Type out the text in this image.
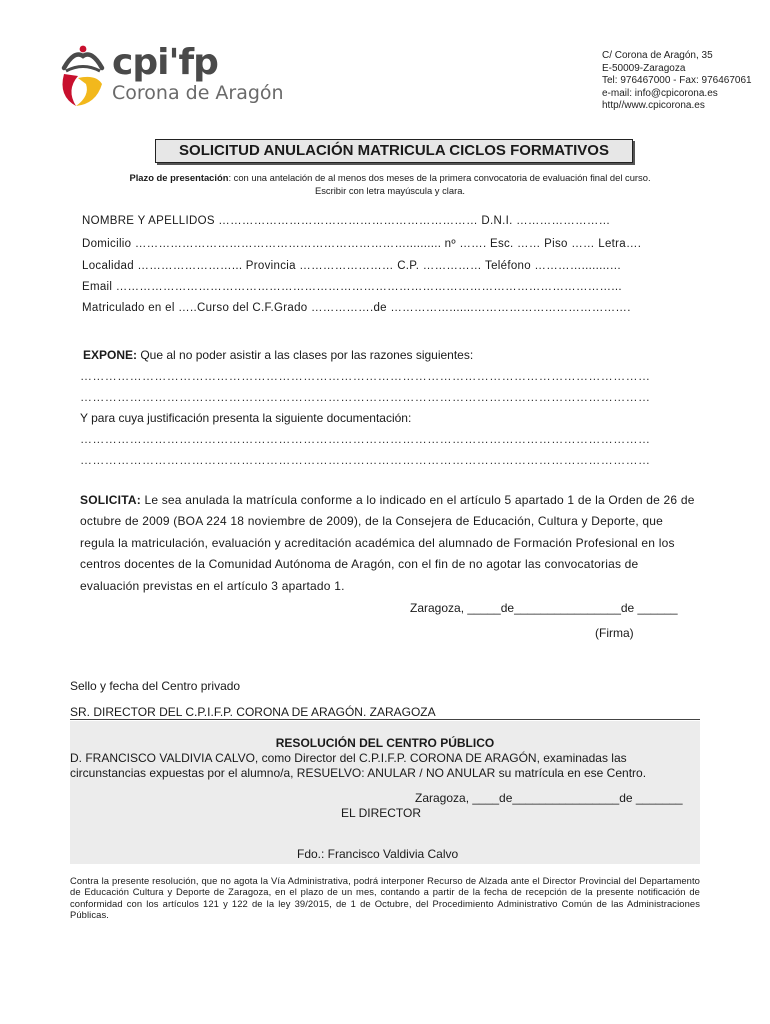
cpi'fp
Corona de Aragón
C/ Corona de Aragón, 35
E-50009-Zaragoza
Tel: 976467000 - Fax: 976467061
e-mail: info@cpicorona.es
http//www.cpicorona.es
SOLICITUD ANULACIÓN MATRICULA CICLOS FORMATIVOS
Plazo de presentación: con una antelación de al menos dos meses de la primera convocatoria de evaluación final del curso.
Escribir con letra mayúscula y clara.
NOMBRE Y APELLIDOS ………………………………………………………… D.N.I. ……………………
Domicilio …………………………………………………………….......... nº ……. Esc. …… Piso …… Letra….
Localidad ……………………... Provincia …………………… C.P. …………… Teléfono …………........…
Email ………………………………………………………………………………………………………………...
Matriculado en el …..Curso del C.F.Grado …………….de …………….......………………………………….
EXPONE: Que al no poder asistir a las clases por las razones siguientes:
…………………………………………………………………………………………………………………………
…………………………………………………………………………………………………………………………
Y para cuya justificación presenta la siguiente documentación:
…………………………………………………………………………………………………………………………
…………………………………………………………………………………………………………………………
SOLICITA: Le sea anulada la matrícula conforme a lo indicado en el artículo 5 apartado 1 de la Orden de 26 de octubre de 2009 (BOA 224 18 noviembre de 2009), de la Consejera de Educación, Cultura y Deporte, que regula la matriculación, evaluación y acreditación académica del alumnado de Formación Profesional en los centros docentes de la Comunidad Autónoma de Aragón, con el fin de no agotar las convocatorias de evaluación previstas en el artículo 3 apartado 1.
Zaragoza, _____de________________de ______
(Firma)
Sello y fecha del Centro privado
SR. DIRECTOR DEL C.P.I.F.P. CORONA DE ARAGÓN. ZARAGOZA
RESOLUCIÓN DEL CENTRO PÚBLICO
D. FRANCISCO VALDIVIA CALVO, como Director del C.P.I.F.P. CORONA DE ARAGÓN, examinadas las circunstancias expuestas por el alumno/a, RESUELVO: ANULAR / NO ANULAR su matrícula en ese Centro.
Zaragoza, ____de________________de _______
EL DIRECTOR
Fdo.: Francisco Valdivia Calvo
Contra la presente resolución, que no agota la Vía Administrativa, podrá interponer Recurso de Alzada ante el Director Provincial del Departamento de Educación Cultura y Deporte de Zaragoza, en el plazo de un mes, contando a partir de la fecha de recepción de la presente notificación de conformidad con los artículos 121 y 122 de la ley 39/2015, de 1 de Octubre, del Procedimiento Administrativo Común de las Administraciones Públicas.
